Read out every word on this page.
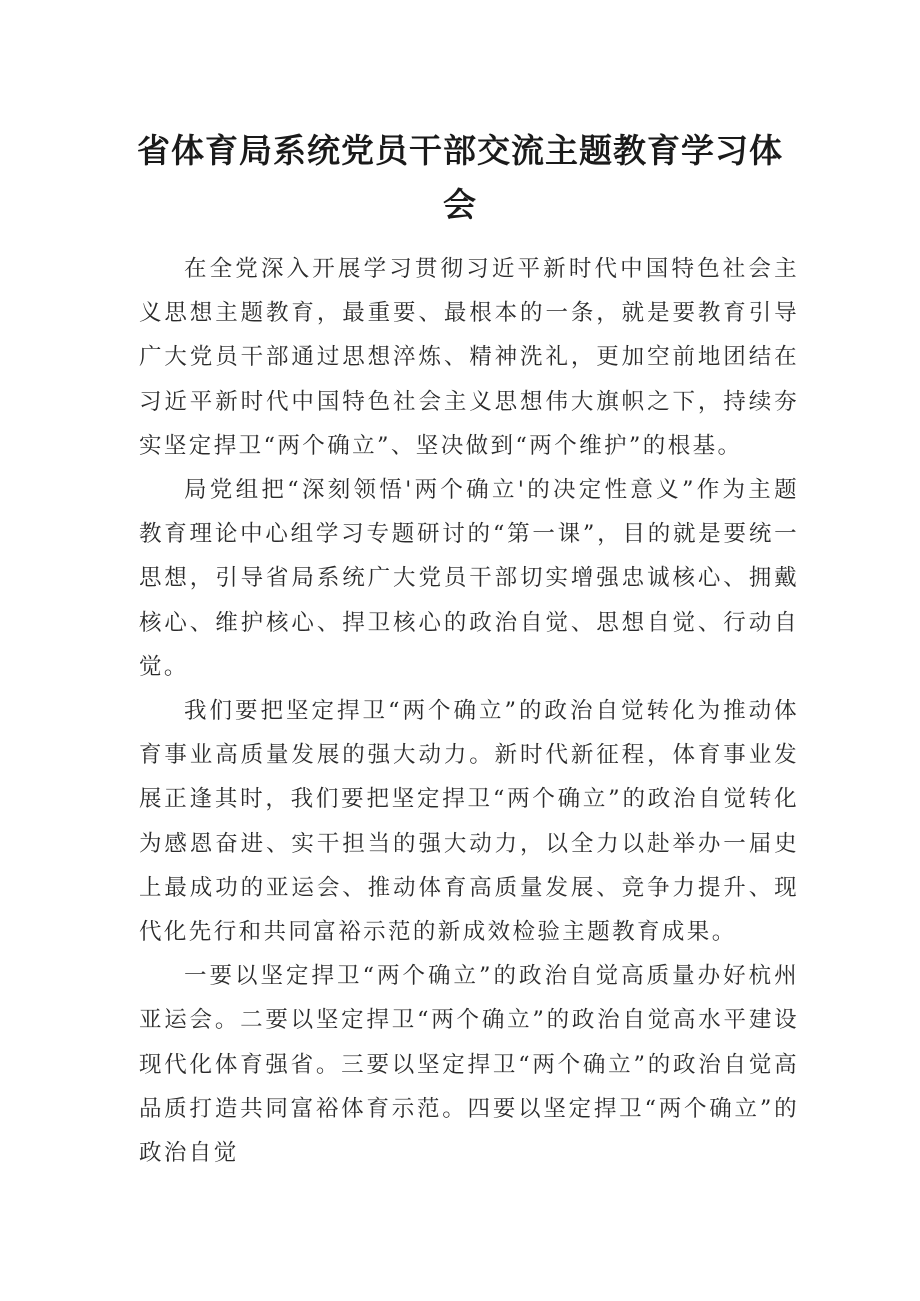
省体育局系统党员干部交流主题教育学习体会

在全党深入开展学习贯彻习近平新时代中国特色社会主义思想主题教育，最重要、最根本的一条，就是要教育引导广大党员干部通过思想淬炼、精神洗礼，更加空前地团结在习近平新时代中国特色社会主义思想伟大旗帜之下，持续夯实坚定捍卫“两个确立”、坚决做到“两个维护”的根基。

局党组把“深刻领悟'两个确立'的决定性意义”作为主题教育理论中心组学习专题研讨的“第一课”，目的就是要统一思想，引导省局系统广大党员干部切实增强忠诚核心、拥戴核心、维护核心、捍卫核心的政治自觉、思想自觉、行动自觉。

我们要把坚定捍卫“两个确立”的政治自觉转化为推动体育事业高质量发展的强大动力。新时代新征程，体育事业发展正逢其时，我们要把坚定捍卫“两个确立”的政治自觉转化为感恩奋进、实干担当的强大动力，以全力以赴举办一届史上最成功的亚运会、推动体育高质量发展、竞争力提升、现代化先行和共同富裕示范的新成效检验主题教育成果。

一要以坚定捍卫“两个确立”的政治自觉高质量办好杭州亚运会。二要以坚定捍卫“两个确立”的政治自觉高水平建设现代化体育强省。三要以坚定捍卫“两个确立”的政治自觉高品质打造共同富裕体育示范。四要以坚定捍卫“两个确立”的政治自觉
